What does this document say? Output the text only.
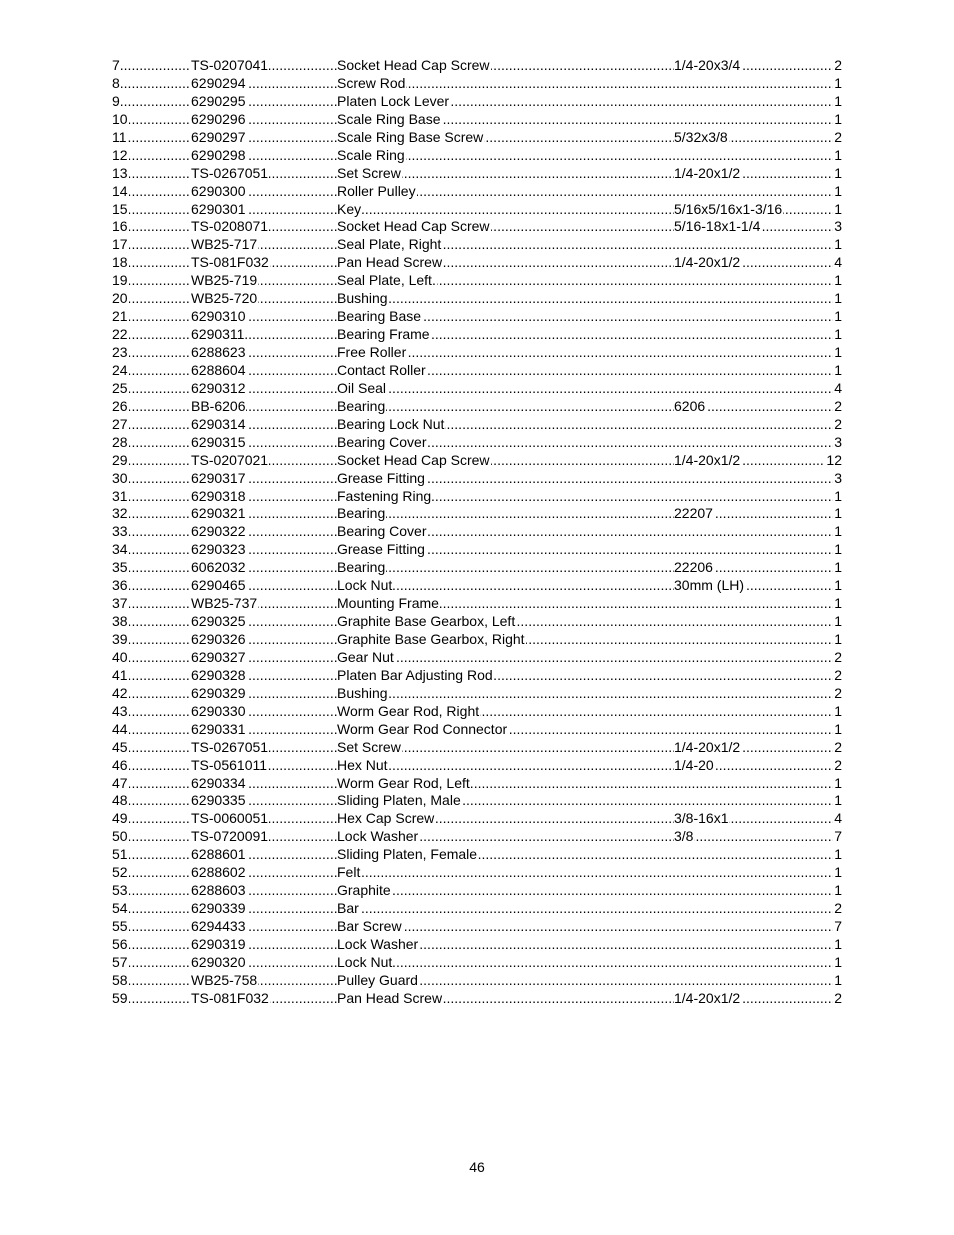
.....
7	TS-0207041	Socket Head Cap Screw	1/4-20x3/4	2
.....
8	6290294	Screw Rod	1
.....
9	6290295	Platen Lock Lever	1
.....
10	6290296	Scale Ring Base	1
.....
11	6290297	Scale Ring Base Screw	5/32x3/8	2
.....
12	6290298	Scale Ring	1
.....
13	TS-0267051	Set Screw	1/4-20x1/2	1
.....
14	6290300	Roller Pulley	1
.....
15	6290301	Key	5/16x5/16x1-3/16	1
.....
16	TS-0208071	Socket Head Cap Screw	5/16-18x1-1/4	3
.....
17	WB25-717	Seal Plate, Right	1
.....
18	TS-081F032	Pan Head Screw	1/4-20x1/2	4
.....
19	WB25-719	Seal Plate, Left.	1
.....
20	WB25-720	Bushing	1
.....
21	6290310	Bearing Base	1
.....
22	6290311	Bearing Frame	1
.....
23	6288623	Free Roller	1
.....
24	6288604	Contact Roller	1
.....
25	6290312	Oil Seal	4
.....
26	BB-6206	Bearing	6206	2
.....
27	6290314	Bearing Lock Nut	2
.....
28	6290315	Bearing Cover	3
.....
29	TS-0207021	Socket Head Cap Screw	1/4-20x1/2	12
.....
30	6290317	Grease Fitting	3
.....
31	6290318	Fastening Ring	1
.....
32	6290321	Bearing	22207	1
.....
33	6290322	Bearing Cover	1
.....
34	6290323	Grease Fitting	1
.....
35	6062032	Bearing	22206	1
.....
36	6290465	Lock Nut	30mm (LH)	1
.....
37	WB25-737	Mounting Frame	1
.....
38	6290325	Graphite Base Gearbox, Left	1
.....
39	6290326	Graphite Base Gearbox, Right	1
.....
40	6290327	Gear Nut	2
.....
41	6290328	Platen Bar Adjusting Rod	2
.....
42	6290329	Bushing	2
.....
43	6290330	Worm Gear Rod, Right	1
.....
44	6290331	Worm Gear Rod Connector	1
.....
45	TS-0267051	Set Screw	1/4-20x1/2	2
.....
46	TS-0561011	Hex Nut	1/4-20	2
.....
47	6290334	Worm Gear Rod, Left.	1
.....
48	6290335	Sliding Platen, Male	1
.....
49	TS-0060051	Hex Cap Screw	3/8-16x1	4
.....
50	TS-0720091	Lock Washer	3/8	7
.....
51	6288601	Sliding Platen, Female	1
.....
52	6288602	Felt	1
.....
53	6288603	Graphite	1
.....
54	6290339	Bar	2
.....
55	6294433	Bar Screw	7
.....
56	6290319	Lock Washer	1
.....
57	6290320	Lock Nut	1
.....
58	WB25-758	Pulley Guard	1
.....
59	TS-081F032	Pan Head Screw	1/4-20x1/2	2
46
